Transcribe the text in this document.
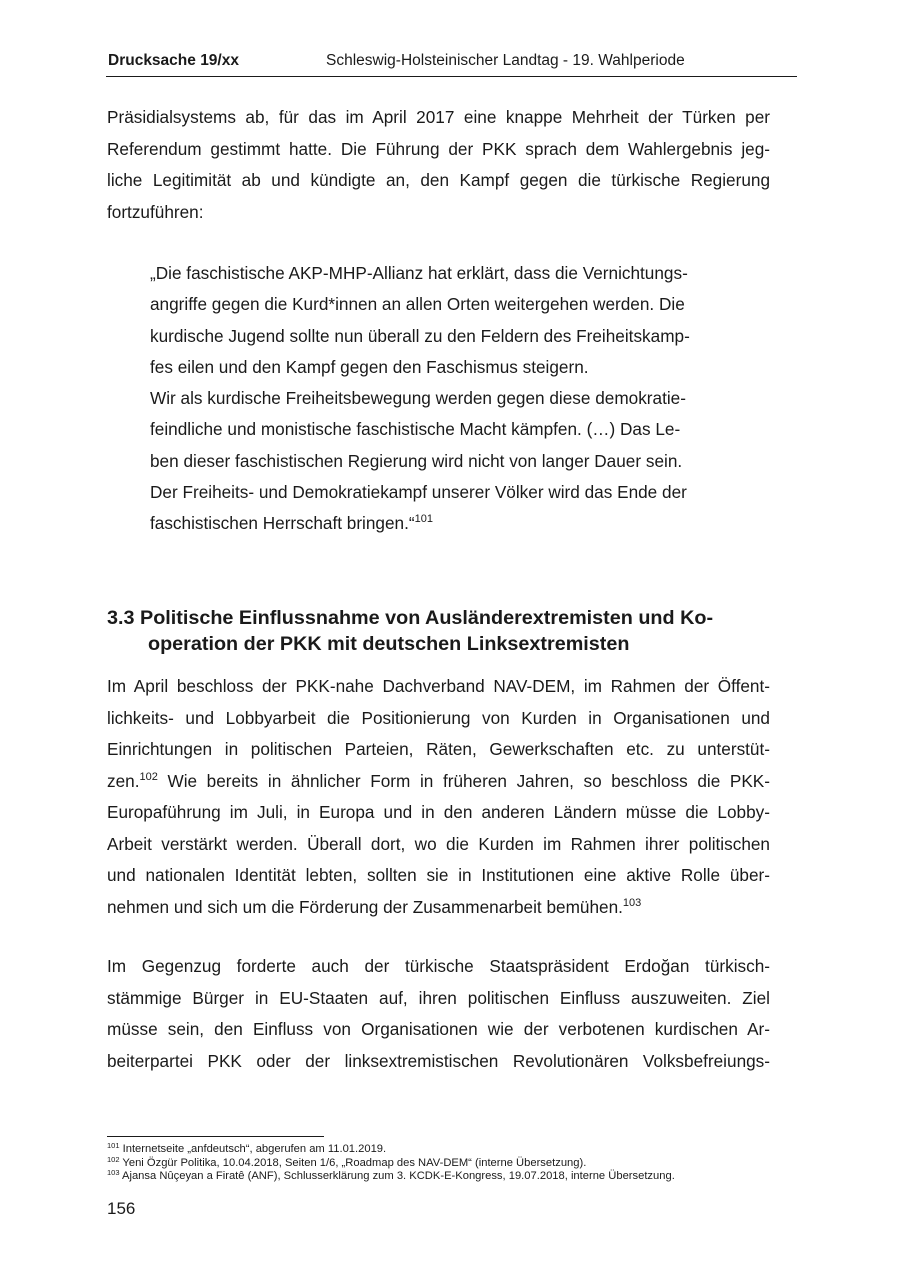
Drucksache 19/xx	Schleswig-Holsteinischer Landtag - 19. Wahlperiode

Präsidialsystems ab, für das im April 2017 eine knappe Mehrheit der Türken per
Referendum gestimmt hatte. Die Führung der PKK sprach dem Wahlergebnis jeg-
liche Legitimität ab und kündigte an, den Kampf gegen die türkische Regierung
fortzuführen:

„Die faschistische AKP-MHP-Allianz hat erklärt, dass die Vernichtungs-
angriffe gegen die Kurd*innen an allen Orten weitergehen werden. Die
kurdische Jugend sollte nun überall zu den Feldern des Freiheitskamp-
fes eilen und den Kampf gegen den Faschismus steigern.
Wir als kurdische Freiheitsbewegung werden gegen diese demokratie-
feindliche und monistische faschistische Macht kämpfen. (…) Das Le-
ben dieser faschistischen Regierung wird nicht von langer Dauer sein.
Der Freiheits- und Demokratiekampf unserer Völker wird das Ende der
faschistischen Herrschaft bringen.“$^{101}$
3.3 Politische Einflussnahme von Ausländerextremisten und Ko-
operation der PKK mit deutschen Linksextremisten

Im April beschloss der PKK-nahe Dachverband NAV-DEM, im Rahmen der Öffent-
lichkeits- und Lobbyarbeit die Positionierung von Kurden in Organisationen und
Einrichtungen in politischen Parteien, Räten, Gewerkschaften etc. zu unterstüt-
zen.$^{102}$ Wie bereits in ähnlicher Form in früheren Jahren, so beschloss die PKK-
Europaführung im Juli, in Europa und in den anderen Ländern müsse die Lobby-
Arbeit verstärkt werden. Überall dort, wo die Kurden im Rahmen ihrer politischen
und nationalen Identität lebten, sollten sie in Institutionen eine aktive Rolle über-
nehmen und sich um die Förderung der Zusammenarbeit bemühen.$^{103}$

Im Gegenzug forderte auch der türkische Staatspräsident Erdoğan türkisch-
stämmige Bürger in EU-Staaten auf, ihren politischen Einfluss auszuweiten. Ziel
müsse sein, den Einfluss von Organisationen wie der verbotenen kurdischen Ar-
beiterpartei PKK oder der linksextremistischen Revolutionären Volksbefreiungs-

$^{101}$ Internetseite „anfdeutsch“, abgerufen am 11.01.2019.
$^{102}$ Yeni Özgür Politika, 10.04.2018, Seiten 1/6, „Roadmap des NAV-DEM“ (interne Übersetzung).
$^{103}$ Ajansa Nûçeyan a Firatê (ANF), Schlusserklärung zum 3. KCDK-E-Kongress, 19.07.2018, interne Übersetzung.
156
